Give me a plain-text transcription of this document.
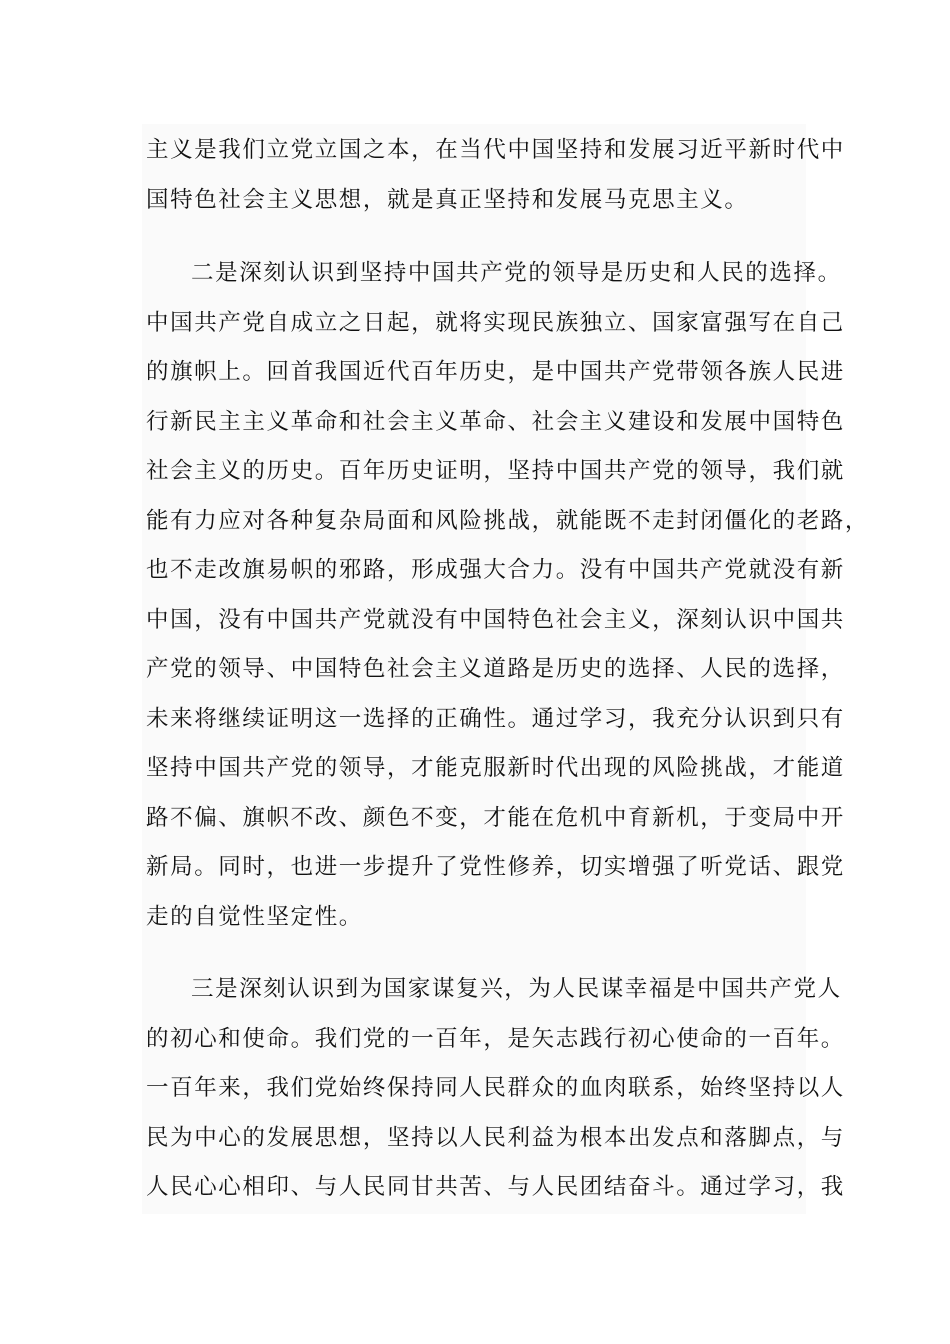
主义是我们立党立国之本，在当代中国坚持和发展习近平新时代中
国特色社会主义思想，就是真正坚持和发展马克思主义。
二是深刻认识到坚持中国共产党的领导是历史和人民的选择。
中国共产党自成立之日起，就将实现民族独立、国家富强写在自己
的旗帜上。回首我国近代百年历史，是中国共产党带领各族人民进
行新民主主义革命和社会主义革命、社会主义建设和发展中国特色
社会主义的历史。百年历史证明，坚持中国共产党的领导，我们就
能有力应对各种复杂局面和风险挑战，就能既不走封闭僵化的老路，
也不走改旗易帜的邪路，形成强大合力。没有中国共产党就没有新
中国，没有中国共产党就没有中国特色社会主义，深刻认识中国共
产党的领导、中国特色社会主义道路是历史的选择、人民的选择，
未来将继续证明这一选择的正确性。通过学习，我充分认识到只有
坚持中国共产党的领导，才能克服新时代出现的风险挑战，才能道
路不偏、旗帜不改、颜色不变，才能在危机中育新机，于变局中开
新局。同时，也进一步提升了党性修养，切实增强了听党话、跟党
走的自觉性坚定性。
三是深刻认识到为国家谋复兴，为人民谋幸福是中国共产党人
的初心和使命。我们党的一百年，是矢志践行初心使命的一百年。
一百年来，我们党始终保持同人民群众的血肉联系，始终坚持以人
民为中心的发展思想，坚持以人民利益为根本出发点和落脚点，与
人民心心相印、与人民同甘共苦、与人民团结奋斗。通过学习，我
